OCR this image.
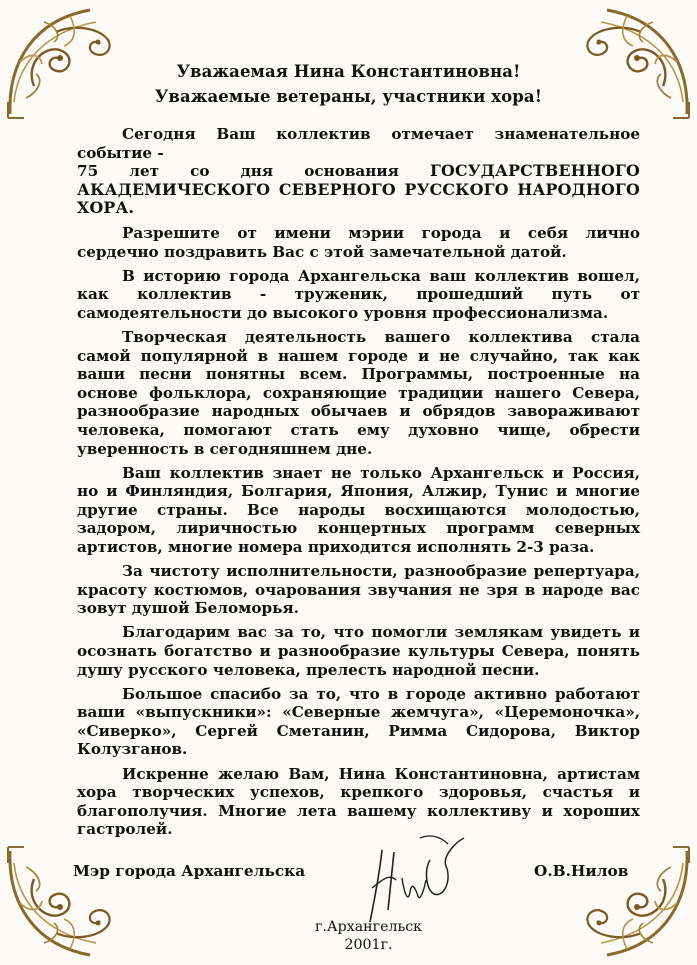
Уважаемая Нина Константиновна!
Уважаемые ветераны, участники хора!

Сегодня Ваш коллектив отмечает знаменательное событие -

75 лет со дня основания ГОСУДАРСТВЕННОГО АКАДЕМИЧЕСКОГО СЕВЕРНОГО РУССКОГО НАРОДНОГО ХОРА.

Разрешите от имени мэрии города и себя лично сердечно поздравить Вас с этой замечательной датой.

В историю города Архангельска ваш коллектив вошел, как коллектив - труженик, прошедший путь от самодеятельности до высокого уровня профессионализма.

Творческая деятельность вашего коллектива стала самой популярной в нашем городе и не случайно, так как ваши песни понятны всем. Программы, построенные на основе фольклора, сохраняющие традиции нашего Севера, разнообразие народных обычаев и обрядов завораживают человека, помогают стать ему духовно чище, обрести уверенность в сегодняшнем дне.

Ваш коллектив знает не только Архангельск и Россия, но и Финляндия, Болгария, Япония, Алжир, Тунис и многие другие страны. Все народы восхищаются молодостью, задором, лиричностью концертных программ северных артистов, многие номера приходится исполнять 2-3 раза.

За чистоту исполнительности, разнообразие репертуара, красоту костюмов, очарования звучания не зря в народе вас зовут душой Беломорья.

Благодарим вас за то, что помогли землякам увидеть и осознать богатство и разнообразие культуры Севера, понять душу русского человека, прелесть народной песни.

Большое спасибо за то, что в городе активно работают ваши «выпускники»: «Северные жемчуга», «Церемоночка», «Сиверко», Сергей Сметанин, Римма Сидорова, Виктор Колузганов.

Искренне желаю Вам, Нина Константиновна, артистам хора творческих успехов, крепкого здоровья, счастья и благополучия. Многие лета вашему коллективу и хороших гастролей.

Мэр города Архангельска	О.В.Нилов
г.Архангельск
2001г.
